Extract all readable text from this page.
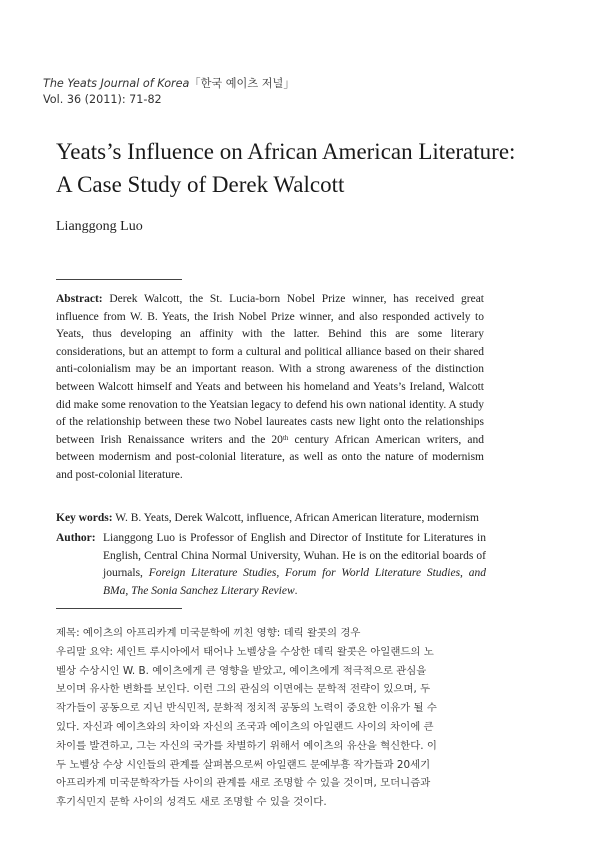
The Yeats Journal of Korea「한국 예이츠 저널」
Vol. 36 (2011): 71-82
Yeats’s Influence on African American Literature:
A Case Study of Derek Walcott
Lianggong Luo
Abstract: Derek Walcott, the St. Lucia-born Nobel Prize winner, has received great influence from W. B. Yeats, the Irish Nobel Prize winner, and also responded actively to Yeats, thus developing an affinity with the latter. Behind this are some literary considerations, but an attempt to form a cultural and political alliance based on their shared anti-colonialism may be an important reason. With a strong awareness of the distinction between Walcott himself and Yeats and between his homeland and Yeats’s Ireland, Walcott did make some renovation to the Yeatsian legacy to defend his own national identity. A study of the relationship between these two Nobel laureates casts new light onto the relationships between Irish Renaissance writers and the 20th century African American writers, and between modernism and post-colonial literature, as well as onto the nature of modernism and post-colonial literature.
Key words: W. B. Yeats, Derek Walcott, influence, African American literature, modernism
Author: Lianggong Luo is Professor of English and Director of Institute for Literatures in English, Central China Normal University, Wuhan. He is on the editorial boards of journals, Foreign Literature Studies, Forum for World Literature Studies, and BMa, The Sonia Sanchez Literary Review.
제목: 예이츠의 아프리카계 미국문학에 끼친 영향: 데릭 왈콧의 경우
우리말 요약: 세인트 루시아에서 태어나 노벨상을 수상한 데릭 왈콧은 아일랜드의 노
벨상 수상시인 W. B. 예이츠에게 큰 영향을 받았고, 예이츠에게 적극적으로 관심을
보이며 유사한 변화를 보인다. 이런 그의 관심의 이면에는 문학적 전략이 있으며, 두
작가들이 공동으로 지닌 반식민적, 문화적 정치적 공동의 노력이 중요한 이유가 될 수
있다. 자신과 예이츠와의 차이와 자신의 조국과 예이츠의 아일랜드 사이의 차이에 큰
차이를 발견하고, 그는 자신의 국가를 차별하기 위해서 예이츠의 유산을 혁신한다. 이
두 노벨상 수상 시인들의 관계를 살펴봄으로써 아일랜드 문예부흥 작가들과 20세기
아프리카계 미국문학작가들 사이의 관계를 새로 조명할 수 있을 것이며, 모더니즘과
후기식민지 문학 사이의 성격도 새로 조명할 수 있을 것이다.
